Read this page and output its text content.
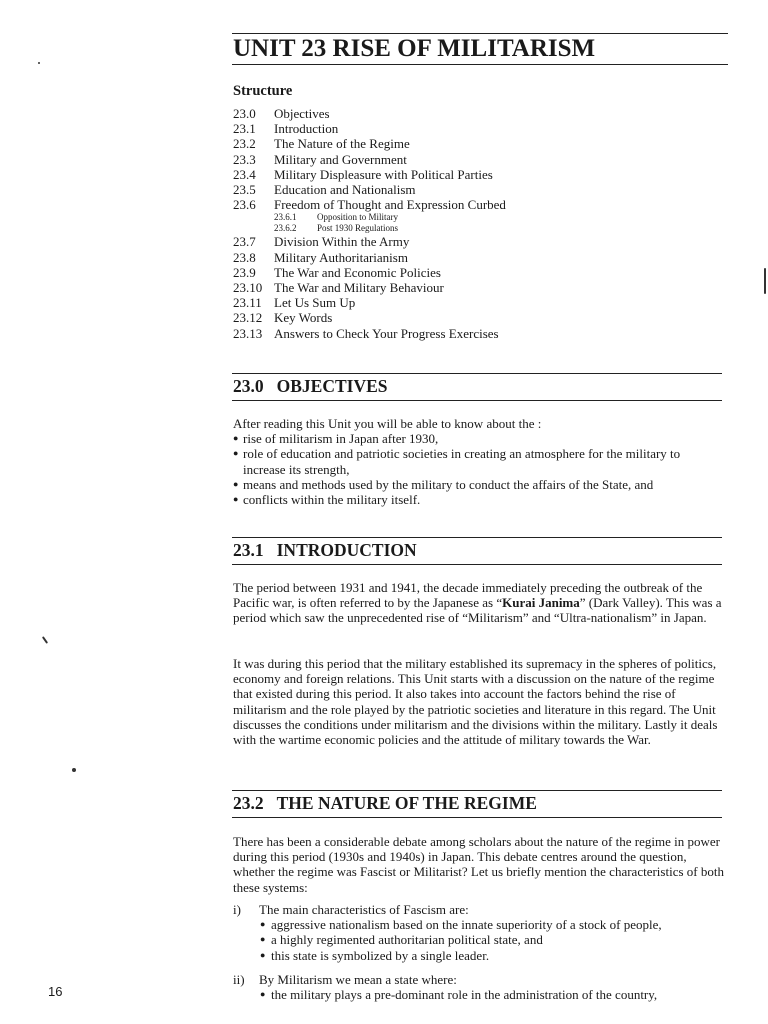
UNIT 23 RISE OF MILITARISM
Structure
23.0	Objectives
23.1	Introduction
23.2	The Nature of the Regime
23.3	Military and Government
23.4	Military Displeasure with Political Parties
23.5	Education and Nationalism
23.6	Freedom of Thought and Expression Curbed
23.6.1	Opposition to Military
23.6.2	Post 1930 Regulations
23.7	Division Within the Army
23.8	Military Authoritarianism
23.9	The War and Economic Policies
23.10 The War and Military Behaviour
23.11 Let Us Sum Up
23.12 Key Words
23.13 Answers to Check Your Progress Exercises
23.0 OBJECTIVES

After reading this Unit you will be able to know about the :

● rise of militarism in Japan after 1930,
● role of education and patriotic societies in creating an atmosphere for the military to increase its strength,
● means and methods used by the military to conduct the affairs of the State, and
● conflicts within the military itself.
23.1 INTRODUCTION

The period between 1931 and 1941, the decade immediately preceding the outbreak of the Pacific war, is often referred to by the Japanese as “Kurai Janima” (Dark Valley). This was a period which saw the unprecedented rise of “Militarism” and “Ultra-nationalism” in Japan.

It was during this period that the military established its supremacy in the spheres of politics, economy and foreign relations. This Unit starts with a discussion on the nature of the regime that existed during this period. It also takes into account the factors behind the rise of militarism and the role played by the patriotic societies and literature in this regard. The Unit discusses the conditions under militarism and the divisions within the military. Lastly it deals with the wartime economic policies and the attitude of military towards the War.

23.2 THE NATURE OF THE REGIME

There has been a considerable debate among scholars about the nature of the regime in power during this period (1930s and 1940s) in Japan. This debate centres around the question, whether the regime was Fascist or Militarist? Let us briefly mention the characteristics of both these systems:

i)	The main characteristics of Fascism are:
● aggressive nationalism based on the innate superiority of a stock of people,
● a highly regimented authoritarian political state, and
● this state is symbolized by a single leader.
ii)	By Militarism we mean a state where:
● the military plays a pre-dominant role in the administration of the country,
16
